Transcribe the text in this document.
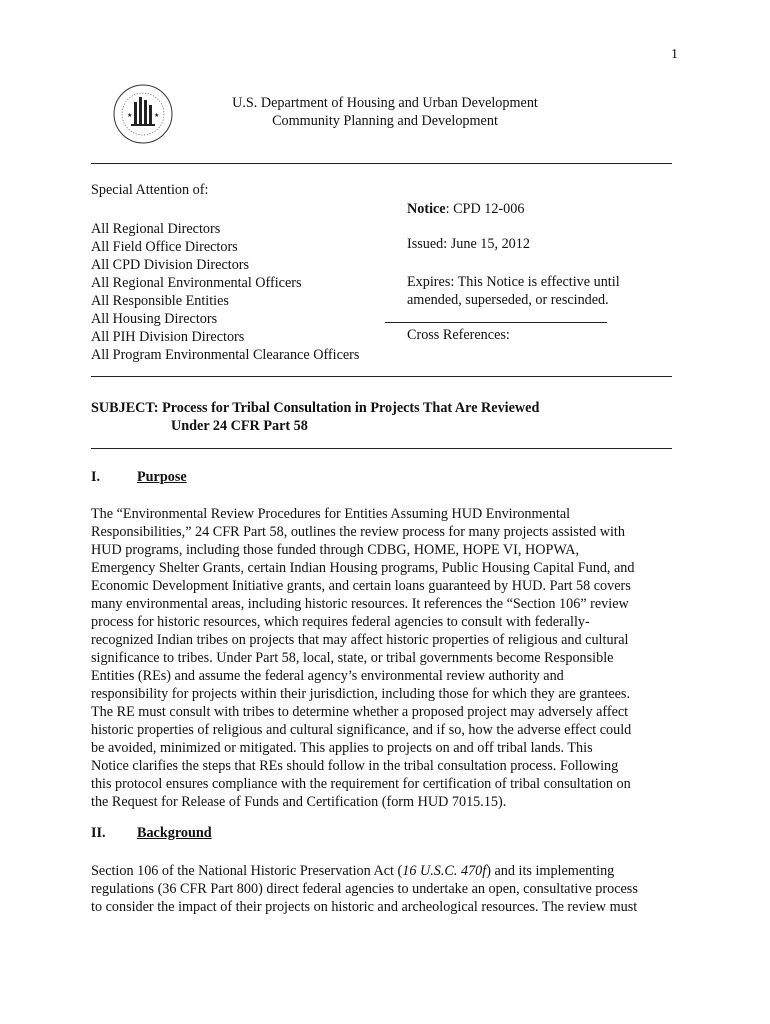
1
★	★
U.S. Department of Housing and Urban Development
Community Planning and Development
Special Attention of:
All Regional Directors
All Field Office Directors
All CPD Division Directors
All Regional Environmental Officers
All Responsible Entities
All Housing Directors
All PIH Division Directors
All Program Environmental Clearance Officers
Notice: CPD 12-006
Issued: June 15, 2012
Expires: This Notice is effective until
amended, superseded, or rescinded.
Cross References:
SUBJECT: Process for Tribal Consultation in Projects That Are Reviewed
Under 24 CFR Part 58
I.	Purpose
The “Environmental Review Procedures for Entities Assuming HUD Environmental
Responsibilities,” 24 CFR Part 58, outlines the review process for many projects assisted with
HUD programs, including those funded through CDBG, HOME, HOPE VI, HOPWA,
Emergency Shelter Grants, certain Indian Housing programs, Public Housing Capital Fund, and
Economic Development Initiative grants, and certain loans guaranteed by HUD. Part 58 covers
many environmental areas, including historic resources. It references the “Section 106” review
process for historic resources, which requires federal agencies to consult with federally-
recognized Indian tribes on projects that may affect historic properties of religious and cultural
significance to tribes. Under Part 58, local, state, or tribal governments become Responsible
Entities (REs) and assume the federal agency’s environmental review authority and
responsibility for projects within their jurisdiction, including those for which they are grantees.
The RE must consult with tribes to determine whether a proposed project may adversely affect
historic properties of religious and cultural significance, and if so, how the adverse effect could
be avoided, minimized or mitigated. This applies to projects on and off tribal lands. This
Notice clarifies the steps that REs should follow in the tribal consultation process. Following
this protocol ensures compliance with the requirement for certification of tribal consultation on
the Request for Release of Funds and Certification (form HUD 7015.15).
II. Background
Section 106 of the National Historic Preservation Act (16 U.S.C. 470f) and its implementing
regulations (36 CFR Part 800) direct federal agencies to undertake an open, consultative process
to consider the impact of their projects on historic and archeological resources. The review must
